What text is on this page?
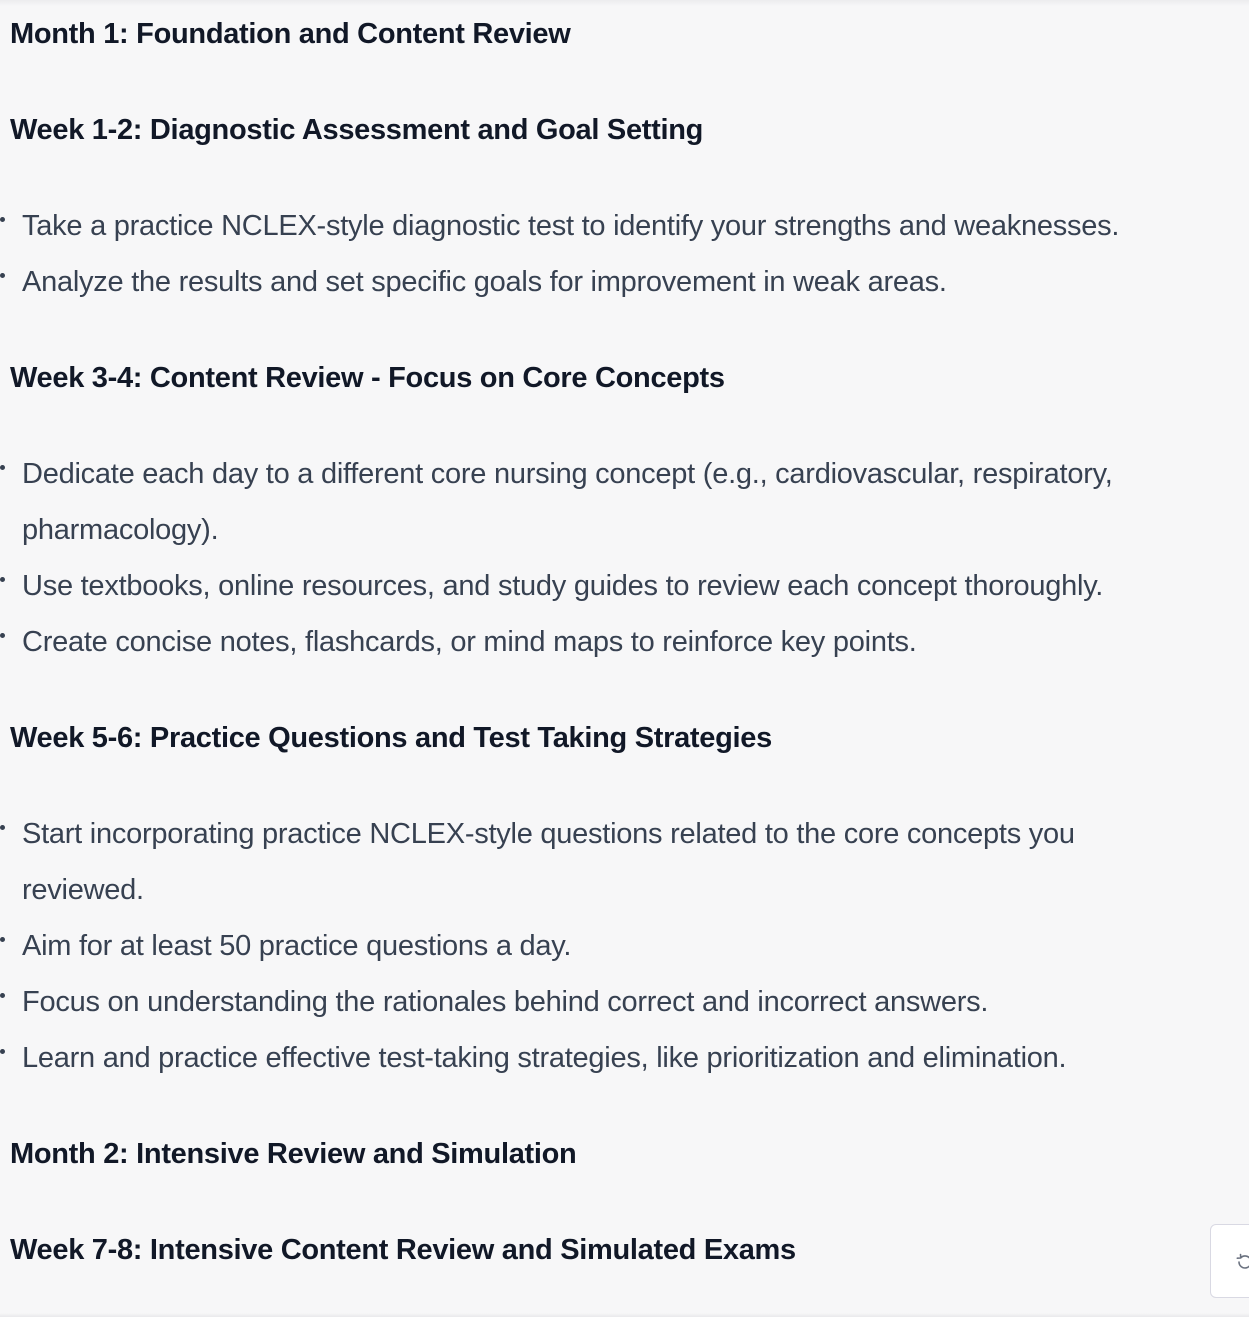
Month 1: Foundation and Content Review
Week 1-2: Diagnostic Assessment and Goal Setting
Take a practice NCLEX-style diagnostic test to identify your strengths and weaknesses.
Analyze the results and set specific goals for improvement in weak areas.
Week 3-4: Content Review - Focus on Core Concepts
Dedicate each day to a different core nursing concept (e.g., cardiovascular, respiratory,
pharmacology).
Use textbooks, online resources, and study guides to review each concept thoroughly.
Create concise notes, flashcards, or mind maps to reinforce key points.
Week 5-6: Practice Questions and Test Taking Strategies
Start incorporating practice NCLEX-style questions related to the core concepts you
reviewed.
Aim for at least 50 practice questions a day.
Focus on understanding the rationales behind correct and incorrect answers.
Learn and practice effective test-taking strategies, like prioritization and elimination.
Month 2: Intensive Review and Simulation
Week 7-8: Intensive Content Review and Simulated Exams
